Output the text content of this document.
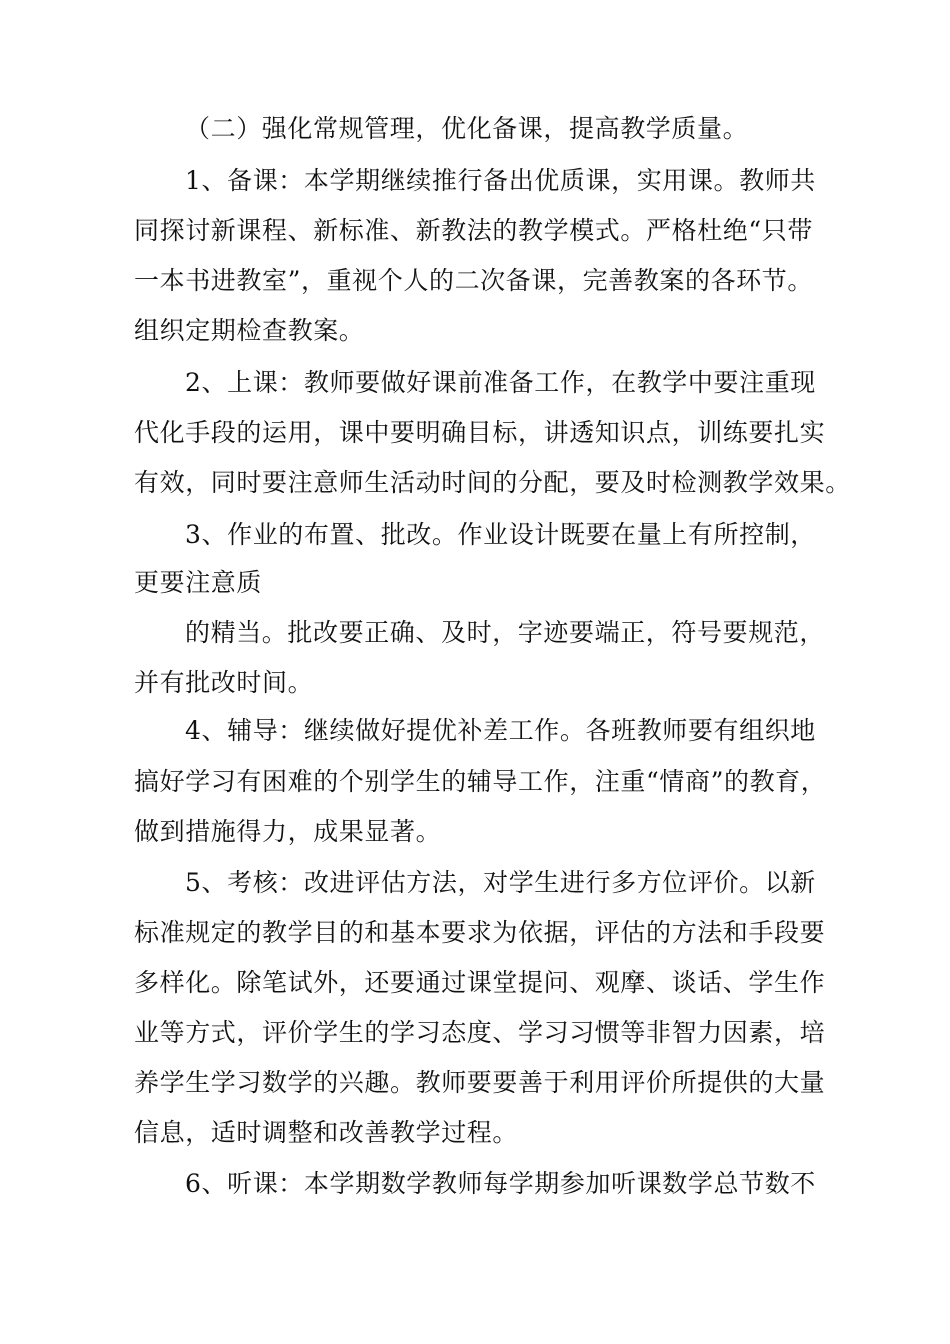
（二）强化常规管理，优化备课，提高教学质量。
1、备课：本学期继续推行备出优质课，实用课。教师共
同探讨新课程、新标准、新教法的教学模式。严格杜绝“只带
一本书进教室”，重视个人的二次备课，完善教案的各环节。
组织定期检查教案。
2、上课：教师要做好课前准备工作，在教学中要注重现
代化手段的运用，课中要明确目标，讲透知识点，训练要扎实
有效，同时要注意师生活动时间的分配，要及时检测教学效果。
3、作业的布置、批改。作业设计既要在量上有所控制，
更要注意质
的精当。批改要正确、及时，字迹要端正，符号要规范，
并有批改时间。
4、辅导：继续做好提优补差工作。各班教师要有组织地
搞好学习有困难的个别学生的辅导工作，注重“情商”的教育，
做到措施得力，成果显著。
5、考核：改进评估方法，对学生进行多方位评价。以新
标准规定的教学目的和基本要求为依据，评估的方法和手段要
多样化。除笔试外，还要通过课堂提问、观摩、谈话、学生作
业等方式，评价学生的学习态度、学习习惯等非智力因素，培
养学生学习数学的兴趣。教师要要善于利用评价所提供的大量
信息，适时调整和改善教学过程。
6、听课：本学期数学教师每学期参加听课数学总节数不
